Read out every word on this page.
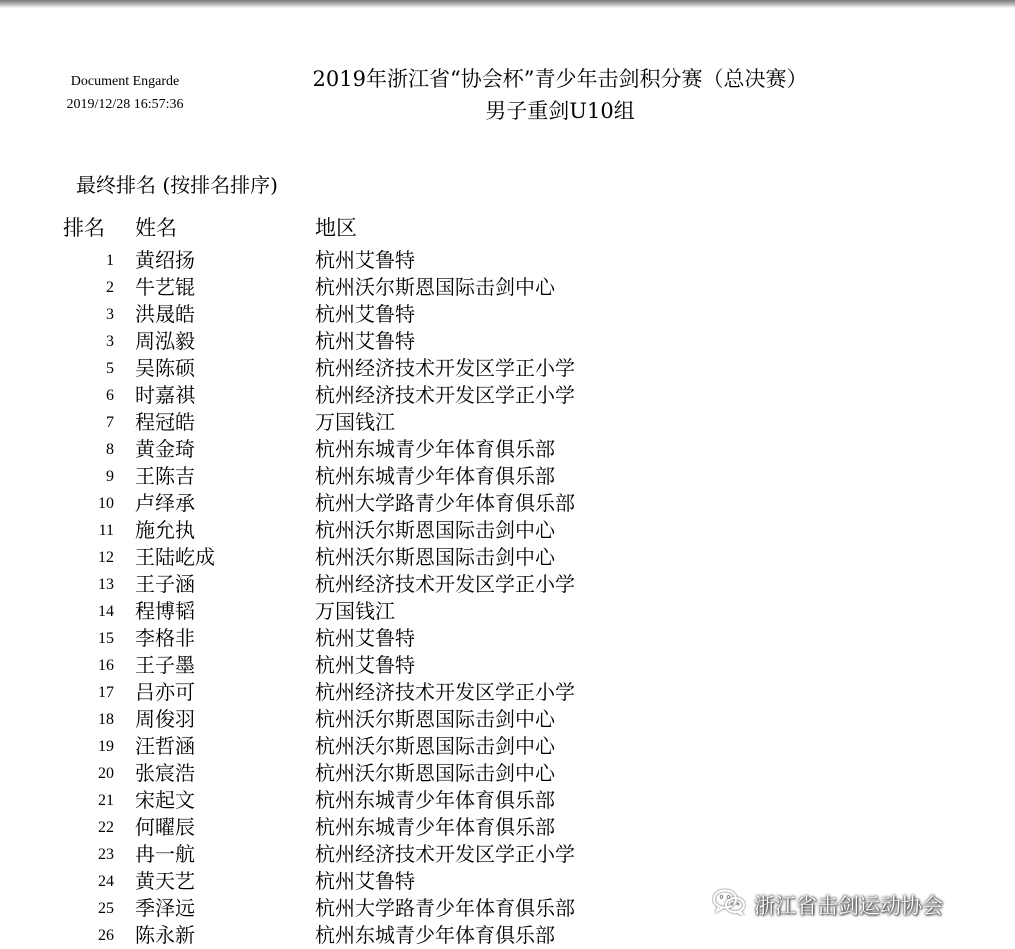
Document Engarde
2019/12/28 16:57:36
2019年浙江省“协会杯”青少年击剑积分赛（总决赛）
男子重剑U10组
最终排名 (按排名排序)
排名 姓名	地区
1 黄绍扬	杭州艾鲁特
2 牛艺锟	杭州沃尔斯恩国际击剑中心
3 洪晟皓	杭州艾鲁特
3 周泓毅	杭州艾鲁特
5 吴陈硕	杭州经济技术开发区学正小学
6 时嘉祺	杭州经济技术开发区学正小学
7 程冠皓	万国钱江
8 黄金琦	杭州东城青少年体育俱乐部
9 王陈吉	杭州东城青少年体育俱乐部
10 卢绎承	杭州大学路青少年体育俱乐部
11 施允执	杭州沃尔斯恩国际击剑中心
12 王陆屹成	杭州沃尔斯恩国际击剑中心
13 王子涵	杭州经济技术开发区学正小学
14 程博韬	万国钱江
15 李格非	杭州艾鲁特
16 王子墨	杭州艾鲁特
17 吕亦可	杭州经济技术开发区学正小学
18 周俊羽	杭州沃尔斯恩国际击剑中心
19 汪哲涵	杭州沃尔斯恩国际击剑中心
20 张宸浩	杭州沃尔斯恩国际击剑中心
21 宋起文	杭州东城青少年体育俱乐部
22 何曜辰	杭州东城青少年体育俱乐部
23 冉一航	杭州经济技术开发区学正小学
24 黄天艺	杭州艾鲁特
25 季泽远	杭州大学路青少年体育俱乐部
26 陈永新	杭州东城青少年体育俱乐部
浙江省击剑运动协会
